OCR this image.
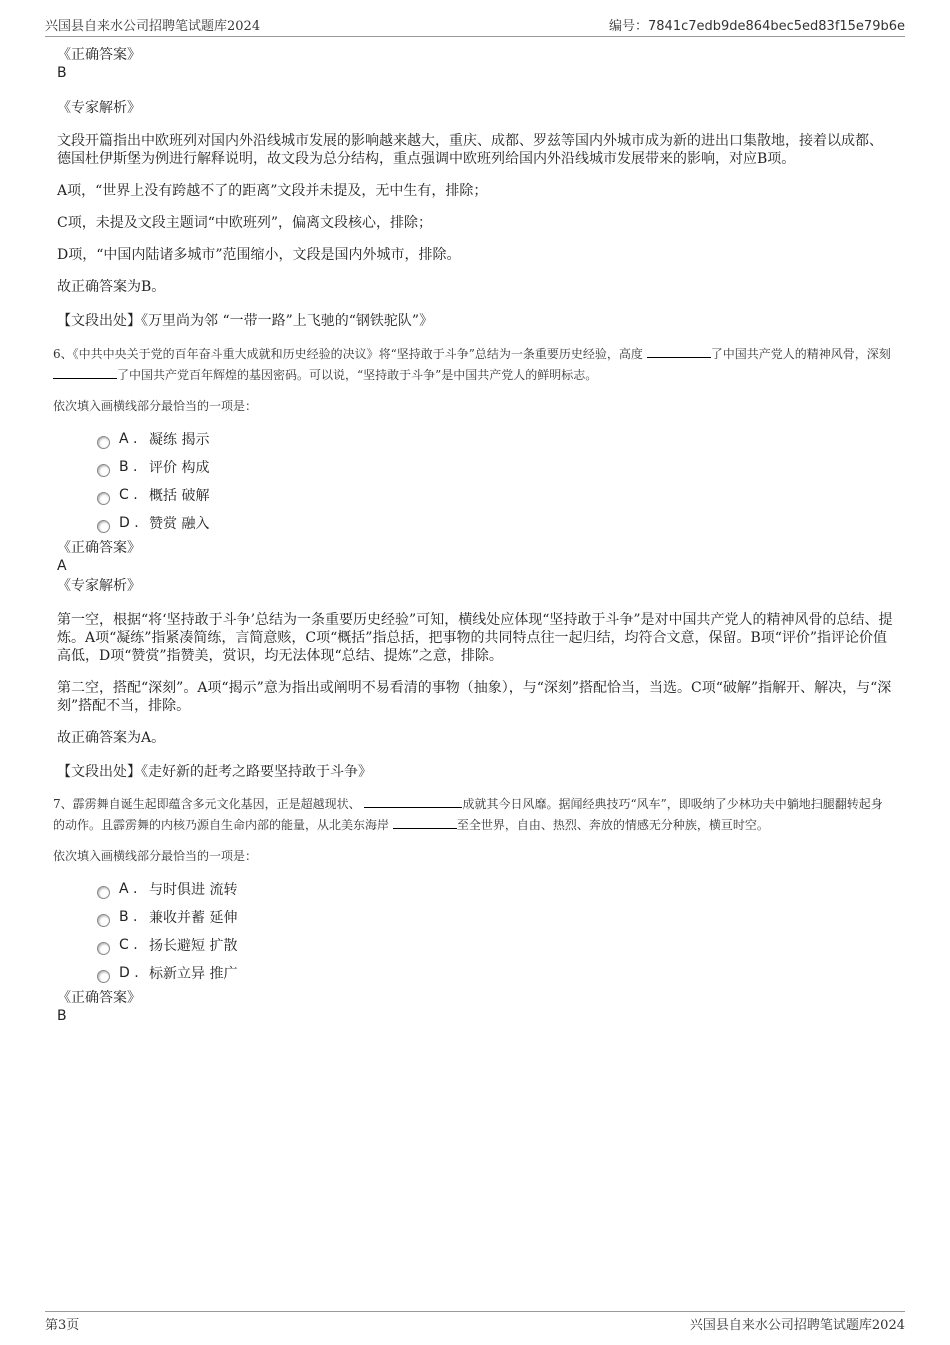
兴国县自来水公司招聘笔试题库2024	编号：7841c7edb9de864bec5ed83f15e79b6e
《正确答案》
B
《专家解析》

文段开篇指出中欧班列对国内外沿线城市发展的影响越来越大，重庆、成都、罗兹等国内外城市成为新的进出口集散地，接着以成都、德国杜伊斯堡为例进行解释说明，故文段为总分结构，重点强调中欧班列给国内外沿线城市发展带来的影响，对应B项。

A项，“世界上没有跨越不了的距离”文段并未提及，无中生有，排除；

C项，未提及文段主题词“中欧班列”，偏离文段核心，排除；

D项，“中国内陆诸多城市”范围缩小，文段是国内外城市，排除。

故正确答案为B。

【文段出处】《万里尚为邻 “一带一路”上飞驰的“钢铁驼队”》

6、《中共中央关于党的百年奋斗重大成就和历史经验的决议》将“坚持敢于斗争”总结为一条重要历史经验，高度	了中国共产党人的精神风骨，深刻 了中国共产党百年辉煌的基因密码。可以说，“坚持敢于斗争”是中国共产党人的鲜明标志。

依次填入画横线部分最恰当的一项是：

A . 凝练 揭示
B . 评价 构成
C . 概括 破解
D . 赞赏 融入
《正确答案》
A
《专家解析》

第一空，根据“将‘坚持敢于斗争’总结为一条重要历史经验”可知，横线处应体现“坚持敢于斗争”是对中国共产党人的精神风骨的总结、提炼。A项“凝练”指紧凑简练，言简意赅，C项“概括”指总括，把事物的共同特点往一起归结，均符合文意，保留。B项“评价”指评论价值高低，D项“赞赏”指赞美，赏识，均无法体现“总结、提炼”之意，排除。

第二空，搭配“深刻”。A项“揭示”意为指出或阐明不易看清的事物（抽象），与“深刻”搭配恰当，当选。C项“破解”指解开、解决，与“深刻”搭配不当，排除。

故正确答案为A。

【文段出处】《走好新的赶考之路要坚持敢于斗争》

7、霹雳舞自诞生起即蕴含多元文化基因，正是超越现状、	成就其今日风靡。据闻经典技巧“风车”，即吸纳了少林功夫中躺地扫腿翻转起身的动作。且霹雳舞的内核乃源自生命内部的能量，从北美东海岸	至全世界，自由、热烈、奔放的情感无分种族，横亘时空。

依次填入画横线部分最恰当的一项是：

A . 与时俱进 流转
B . 兼收并蓄 延伸
C . 扬长避短 扩散
D . 标新立异 推广
《正确答案》
B
第3页	兴国县自来水公司招聘笔试题库2024
